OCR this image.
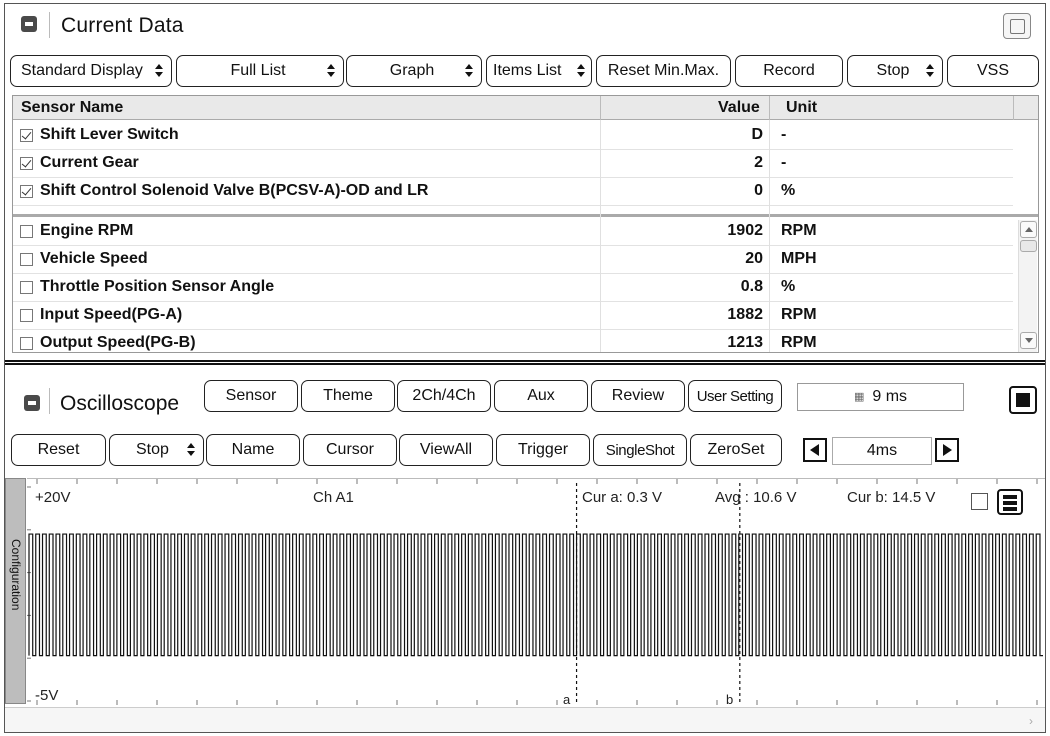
Current Data
Standard Display	Full List	Graph	Items List	Reset Min.Max.	Record	Stop	VSS
Sensor Name	Value Unit
Shift Lever Switch	D -
Current Gear	2 -
Shift Control Solenoid Valve B(PCSV-A)-OD and LR	0 %
Engine RPM	1902 RPM
Vehicle Speed	20 MPH
Throttle Position Sensor Angle	0.8 %
Input Speed(PG-A)	1882 RPM
Output Speed(PG-B)	1213 RPM
Oscilloscope	Sensor	Theme	2Ch/4Ch	Aux	Review	User Setting	▦ 9 ms
Reset	Stop	Name	Cursor	ViewAll	Trigger	SingleShot	ZeroSet	4ms
Configuration
+20V	Ch A1	Cur a: 0.3 V	Avg : 10.6 V	Cur b: 14.5 V
-5V	a	b
›
